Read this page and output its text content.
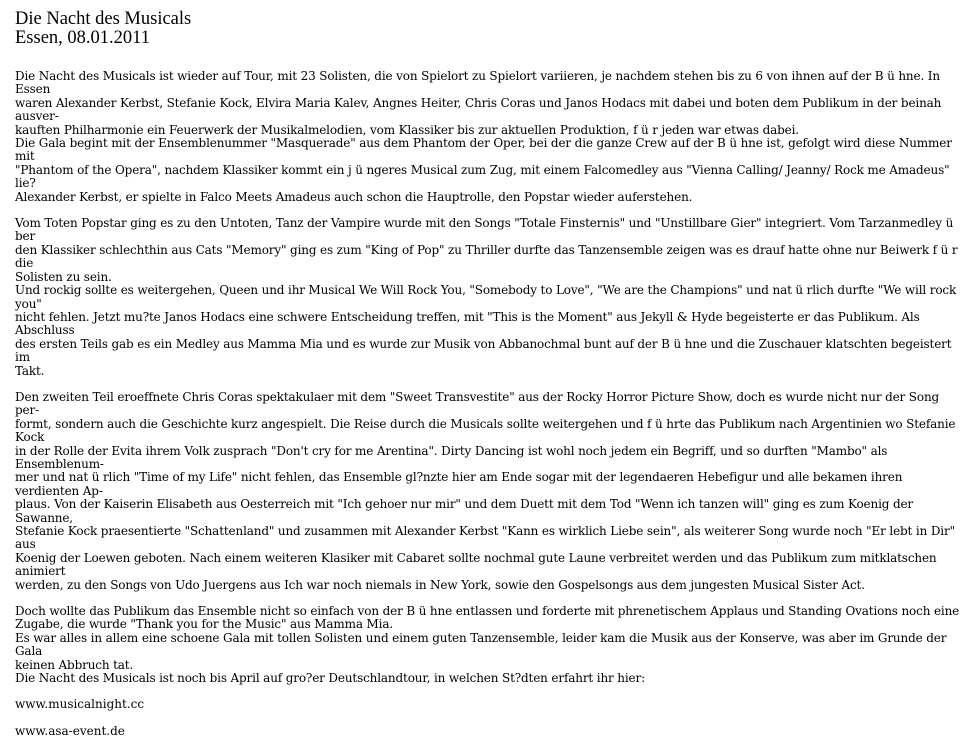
Die Nacht des Musicals
Essen, 08.01.2011
Die Nacht des Musicals ist wieder auf Tour, mit 23 Solisten, die von Spielort zu Spielort variieren, je nachdem stehen bis zu 6 von ihnen auf der B ü hne. In Essen
waren Alexander Kerbst, Stefanie Kock, Elvira Maria Kalev, Angnes Heiter, Chris Coras und Janos Hodacs mit dabei und boten dem Publikum in der beinah ausver-
kauften Philharmonie ein Feuerwerk der Musikalmelodien, vom Klassiker bis zur aktuellen Produktion, f ü r jeden war etwas dabei.
Die Gala begint mit der Ensemblenummer "Masquerade" aus dem Phantom der Oper, bei der die ganze Crew auf der B ü hne ist, gefolgt wird diese Nummer mit
"Phantom of the Opera", nachdem Klassiker kommt ein j ü ngeres Musical zum Zug, mit einem Falcomedley aus "Vienna Calling/ Jeanny/ Rock me Amadeus" lie?
Alexander Kerbst, er spielte in Falco Meets Amadeus auch schon die Hauptrolle, den Popstar wieder auferstehen.
Vom Toten Popstar ging es zu den Untoten, Tanz der Vampire wurde mit den Songs "Totale Finsternis" und "Unstillbare Gier" integriert. Vom Tarzanmedley ü ber
den Klassiker schlechthin aus Cats "Memory" ging es zum "King of Pop" zu Thriller durfte das Tanzensemble zeigen was es drauf hatte ohne nur Beiwerk f ü r die
Solisten zu sein.
Und rockig sollte es weitergehen, Queen und ihr Musical We Will Rock You, "Somebody to Love", "We are the Champions" und nat ü rlich durfte "We will rock you"
nicht fehlen. Jetzt mu?te Janos Hodacs eine schwere Entscheidung treffen, mit "This is the Moment" aus Jekyll & Hyde begeisterte er das Publikum. Als Abschluss
des ersten Teils gab es ein Medley aus Mamma Mia und es wurde zur Musik von Abbanochmal bunt auf der B ü hne und die Zuschauer klatschten begeistert im
Takt.
Den zweiten Teil eroeffnete Chris Coras spektakulaer mit dem "Sweet Transvestite" aus der Rocky Horror Picture Show, doch es wurde nicht nur der Song per-
formt, sondern auch die Geschichte kurz angespielt. Die Reise durch die Musicals sollte weitergehen und f ü hrte das Publikum nach Argentinien wo Stefanie Kock
in der Rolle der Evita ihrem Volk zusprach "Don't cry for me Arentina". Dirty Dancing ist wohl noch jedem ein Begriff, und so durften "Mambo" als Ensemblenum-
mer und nat ü rlich "Time of my Life" nicht fehlen, das Ensemble gl?nzte hier am Ende sogar mit der legendaeren Hebefigur und alle bekamen ihren verdienten Ap-
plaus. Von der Kaiserin Elisabeth aus Oesterreich mit "Ich gehoer nur mir" und dem Duett mit dem Tod "Wenn ich tanzen will" ging es zum Koenig der Sawanne,
Stefanie Kock praesentierte "Schattenland" und zusammen mit Alexander Kerbst "Kann es wirklich Liebe sein", als weiterer Song wurde noch "Er lebt in Dir" aus
Koenig der Loewen geboten. Nach einem weiteren Klasiker mit Cabaret sollte nochmal gute Laune verbreitet werden und das Publikum zum mitklatschen animiert
werden, zu den Songs von Udo Juergens aus Ich war noch niemals in New York, sowie den Gospelsongs aus dem jungesten Musical Sister Act.
Doch wollte das Publikum das Ensemble nicht so einfach von der B ü hne entlassen und forderte mit phrenetischem Applaus und Standing Ovations noch eine
Zugabe, die wurde "Thank you for the Music" aus Mamma Mia.
Es war alles in allem eine schoene Gala mit tollen Solisten und einem guten Tanzensemble, leider kam die Musik aus der Konserve, was aber im Grunde der Gala
keinen Abbruch tat.
Die Nacht des Musicals ist noch bis April auf gro?er Deutschlandtour, in welchen St?dten erfahrt ihr hier:
www.musicalnight.cc
www.asa-event.de
